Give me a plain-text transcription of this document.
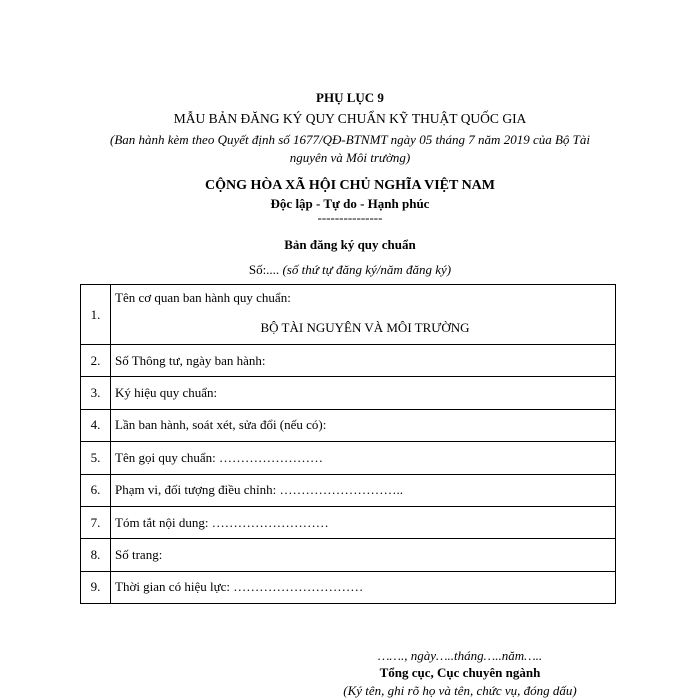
PHỤ LỤC 9
MẪU BẢN ĐĂNG KÝ QUY CHUẨN KỸ THUẬT QUỐC GIA
(Ban hành kèm theo Quyết định số 1677/QĐ-BTNMT ngày 05 tháng 7 năm 2019 của Bộ Tài nguyên và Môi trường)
CỘNG HÒA XÃ HỘI CHỦ NGHĨA VIỆT NAM
Độc lập - Tự do - Hạnh phúc
---------------
Bản đăng ký quy chuẩn
Số:.... (số thứ tự đăng ký/năm đăng ký)
1.	Tên cơ quan ban hành quy chuẩn:
BỘ TÀI NGUYÊN VÀ MÔI TRƯỜNG

2.	Số Thông tư, ngày ban hành:
3.	Ký hiệu quy chuẩn:
4.	Lần ban hành, soát xét, sửa đổi (nếu có):
5.	Tên gọi quy chuẩn: ……………………
6.	Phạm vi, đối tượng điều chỉnh: ………………………..
7.	Tóm tắt nội dung: ………………………
8.	Số trang:
9.	Thời gian có hiệu lực: …………………………
……., ngày…..tháng…..năm…..
Tổng cục, Cục chuyên ngành
(Ký tên, ghi rõ họ và tên, chức vụ, đóng dấu)
